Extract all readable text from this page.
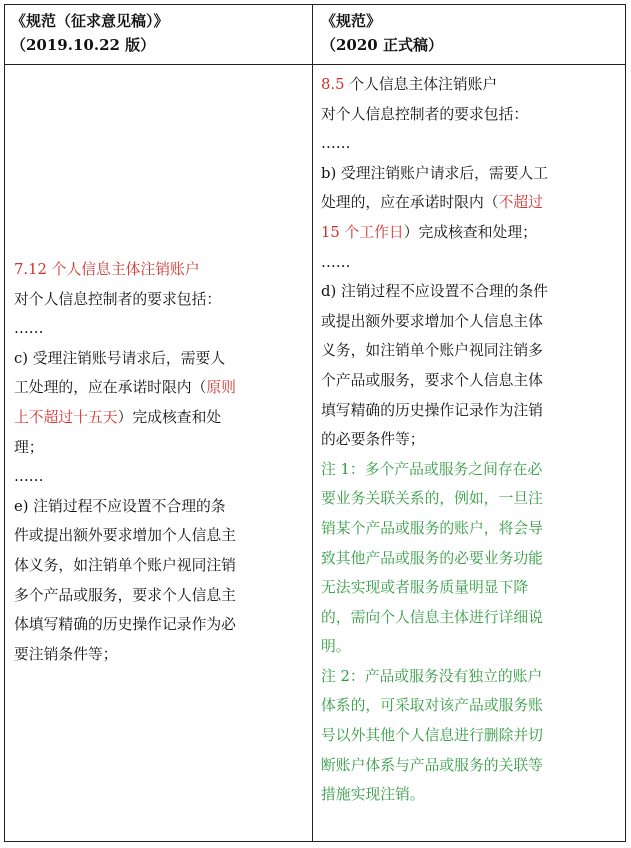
《规范（征求意见稿）》
（2019.10.22 版）
《规范》
（2020 正式稿）
7.12 个人信息主体注销账户
对个人信息控制者的要求包括：
……
c) 受理注销账号请求后，需要人
工处理的，应在承诺时限内（原则
上不超过十五天）完成核查和处
理；
……
e) 注销过程不应设置不合理的条
件或提出额外要求增加个人信息主
体义务，如注销单个账户视同注销
多个产品或服务，要求个人信息主
体填写精确的历史操作记录作为必
要注销条件等；
8.5 个人信息主体注销账户
对个人信息控制者的要求包括：
……
b) 受理注销账户请求后，需要人工
处理的，应在承诺时限内（不超过
15 个工作日）完成核查和处理；
……
d) 注销过程不应设置不合理的条件
或提出额外要求增加个人信息主体
义务，如注销单个账户视同注销多
个产品或服务，要求个人信息主体
填写精确的历史操作记录作为注销
的必要条件等；
注 1：多个产品或服务之间存在必
要业务关联关系的，例如，一旦注
销某个产品或服务的账户，将会导
致其他产品或服务的必要业务功能
无法实现或者服务质量明显下降
的，需向个人信息主体进行详细说
明。
注 2：产品或服务没有独立的账户
体系的，可采取对该产品或服务账
号以外其他个人信息进行删除并切
断账户体系与产品或服务的关联等
措施实现注销。
